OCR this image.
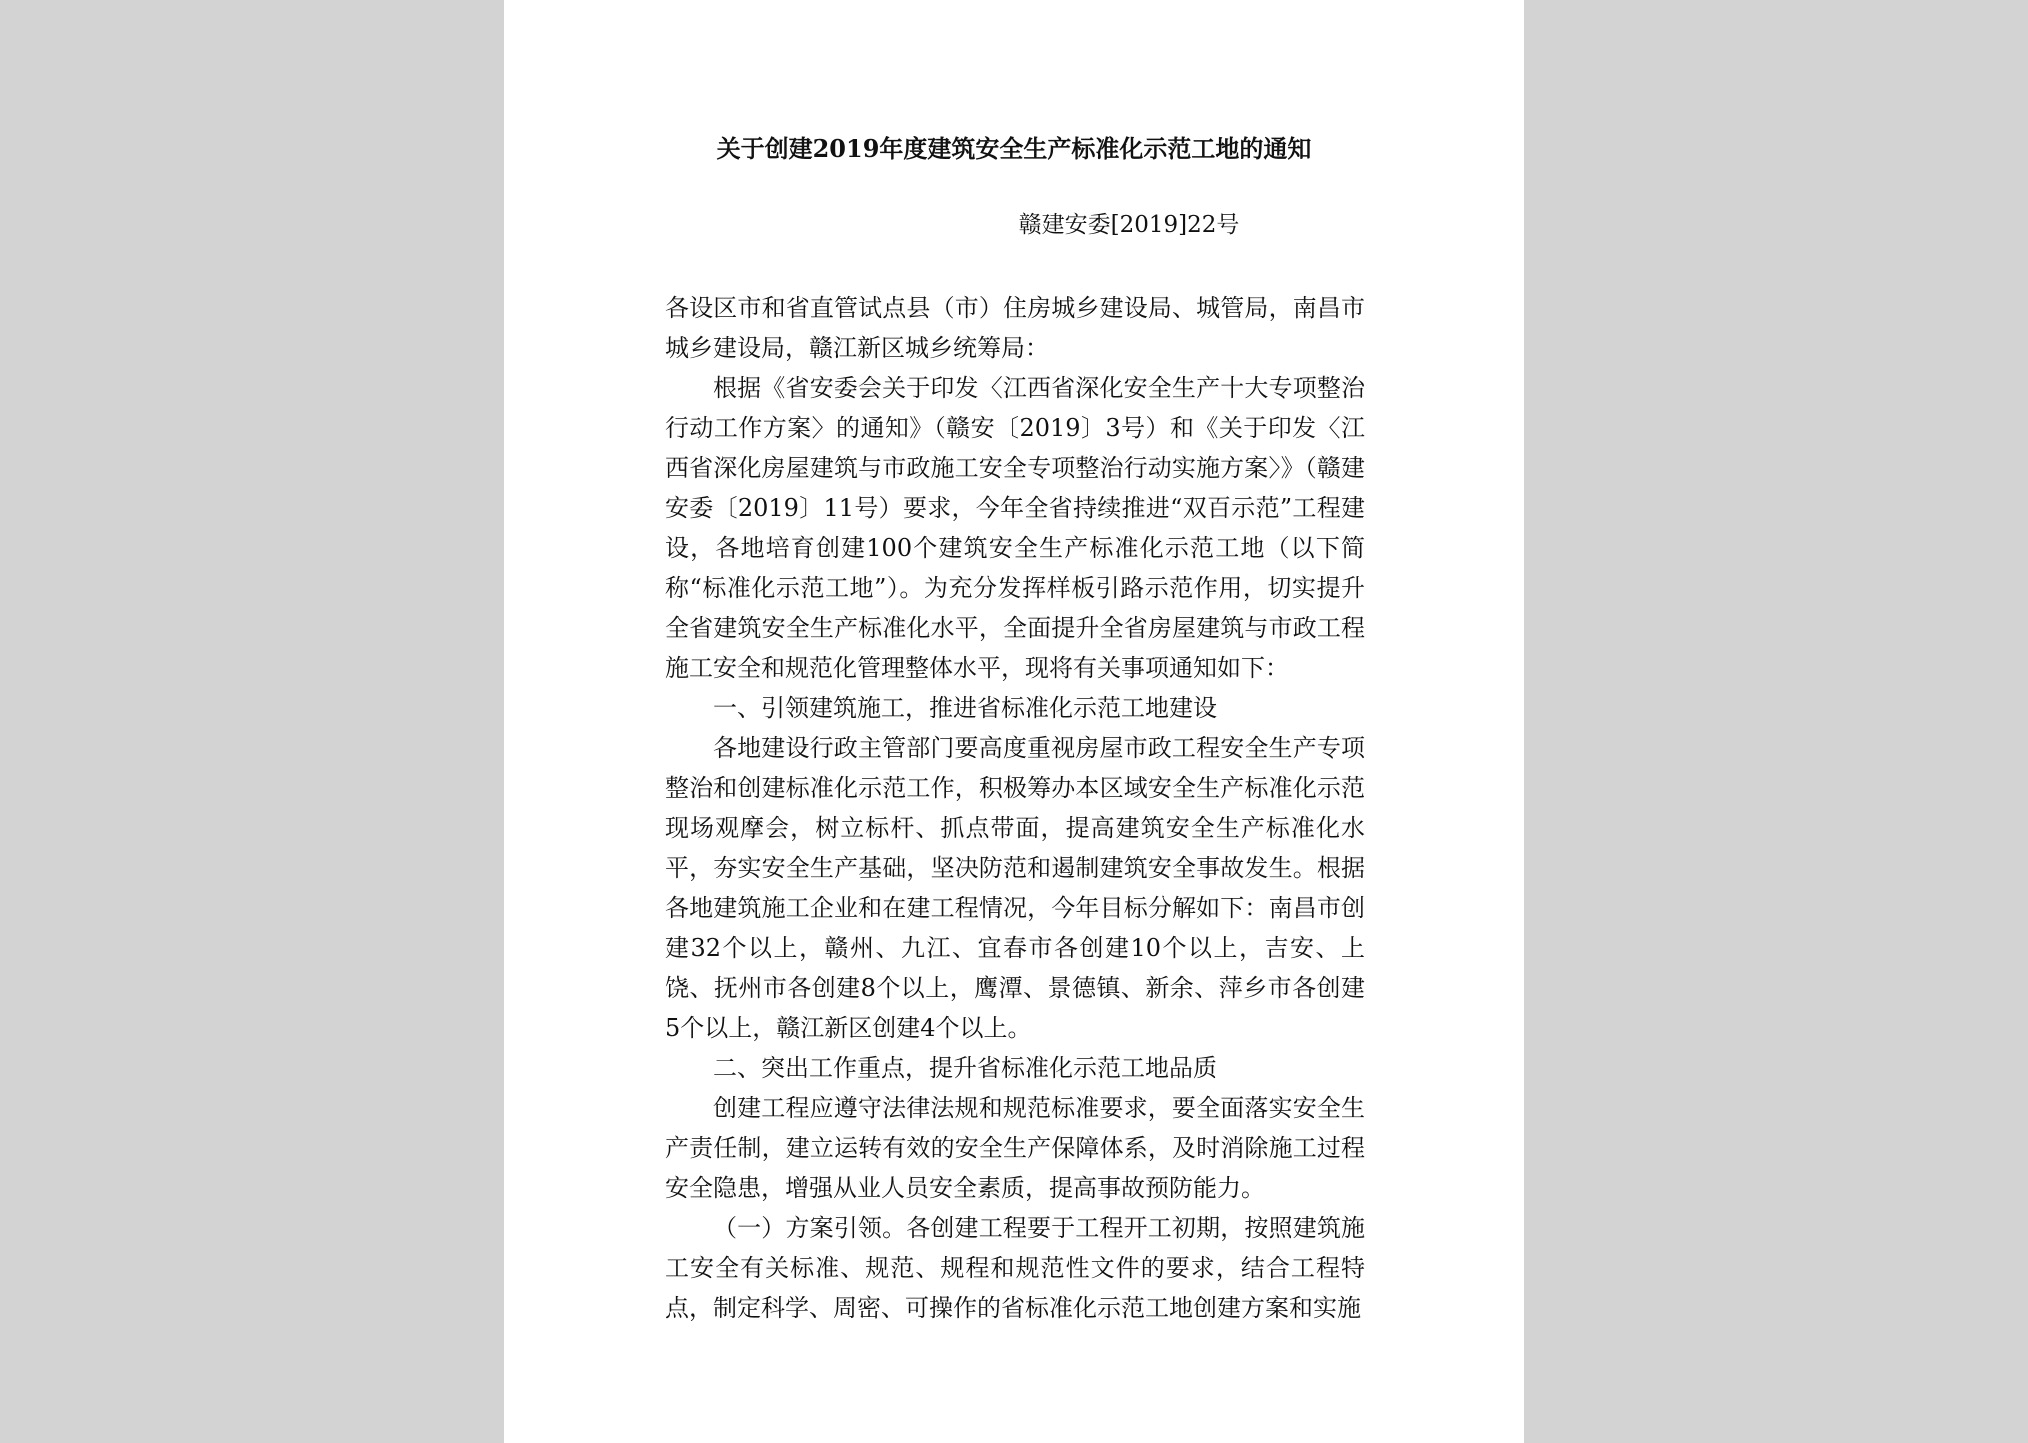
关于创建2019年度建筑安全生产标准化示范工地的通知
赣建安委[2019]22号

各设区市和省直管试点县（市）住房城乡建设局、城管局，南昌市城乡建设局，赣江新区城乡统筹局：

根据《省安委会关于印发〈江西省深化安全生产十大专项整治行动工作方案〉的通知》（赣安〔2019〕3号）和《关于印发〈江西省深化房屋建筑与市政施工安全专项整治行动实施方案〉》（赣建安委〔2019〕11号）要求，今年全省持续推进“双百示范”工程建设，各地培育创建100个建筑安全生产标准化示范工地（以下简称“标准化示范工地”）。为充分发挥样板引路示范作用，切实提升全省建筑安全生产标准化水平，全面提升全省房屋建筑与市政工程施工安全和规范化管理整体水平，现将有关事项通知如下：

一、引领建筑施工，推进省标准化示范工地建设

各地建设行政主管部门要高度重视房屋市政工程安全生产专项整治和创建标准化示范工作，积极筹办本区域安全生产标准化示范现场观摩会，树立标杆、抓点带面，提高建筑安全生产标准化水平，夯实安全生产基础，坚决防范和遏制建筑安全事故发生。根据各地建筑施工企业和在建工程情况，今年目标分解如下：南昌市创建32个以上，赣州、九江、宜春市各创建10个以上，吉安、上饶、抚州市各创建8个以上，鹰潭、景德镇、新余、萍乡市各创建5个以上，赣江新区创建4个以上。

二、突出工作重点，提升省标准化示范工地品质

创建工程应遵守法律法规和规范标准要求，要全面落实安全生产责任制，建立运转有效的安全生产保障体系，及时消除施工过程安全隐患，增强从业人员安全素质，提高事故预防能力。

（一）方案引领。各创建工程要于工程开工初期，按照建筑施工安全有关标准、规范、规程和规范性文件的要求，结合工程特点，制定科学、周密、可操作的省标准化示范工地创建方案和实施
